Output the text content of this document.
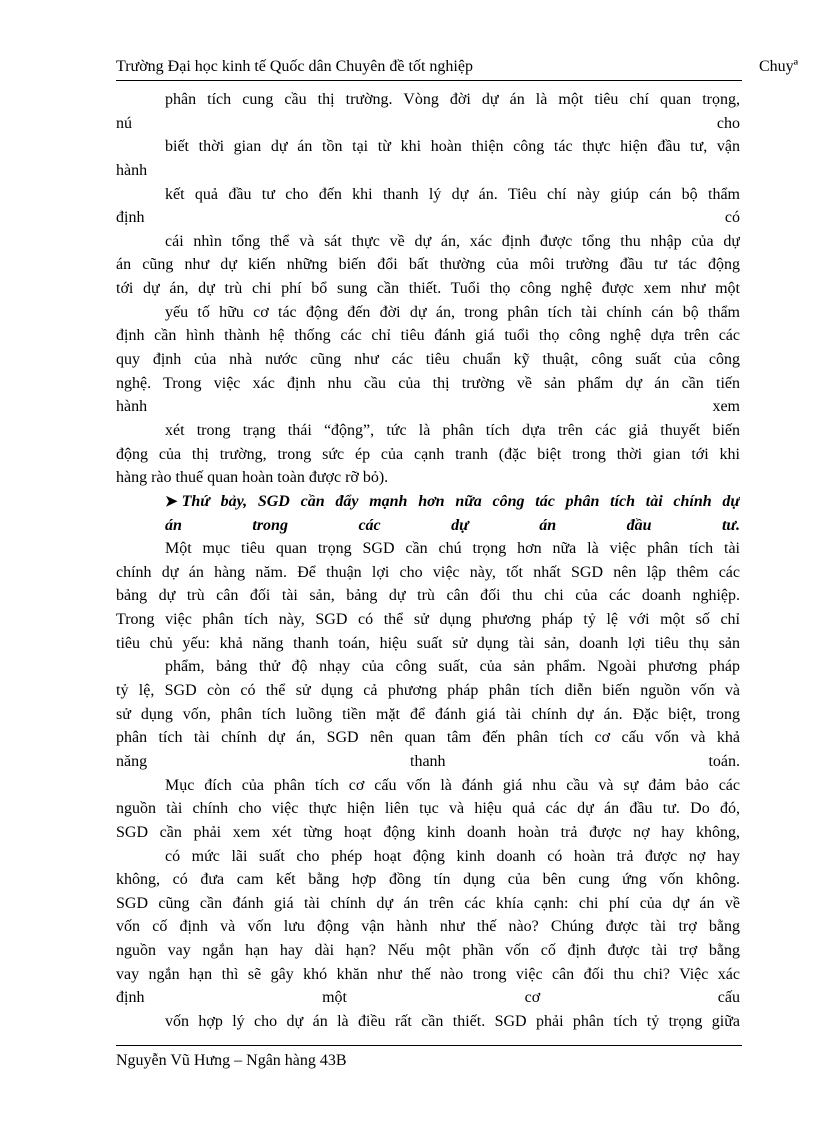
Trường Đại học kinh tế Quốc dân Chuyên đề tốt nghiệp	Chuyª
phân tích cung cầu thị trường. Vòng đời dự án là một tiêu chí quan trọng,
nú cho
biết thời gian dự án tồn tại từ khi hoàn thiện công tác thực hiện đầu tư, vận
hành
kết quả đầu tư cho đến khi thanh lý dự án. Tiêu chí này giúp cán bộ thẩm
định có
cái nhìn tổng thể và sát thực về dự án, xác định được tổng thu nhập của dự
án cũng như dự kiến những biến đổi bất thường của môi trường đầu tư tác động
tới dự án, dự trù chi phí bổ sung cần thiết. Tuổi thọ công nghệ được xem như một
yếu tố hữu cơ tác động đến đời dự án, trong phân tích tài chính cán bộ thẩm
định cần hình thành hệ thống các chỉ tiêu đánh giá tuổi thọ công nghệ dựa trên các
quy định của nhà nước cũng như các tiêu chuẩn kỹ thuật, công suất của công
nghệ. Trong việc xác định nhu cầu của thị trường về sản phẩm dự án cần tiến
hành xem
xét trong trạng thái “động”, tức là phân tích dựa trên các giả thuyết biến
động của thị trường, trong sức ép của cạnh tranh (đặc biệt trong thời gian tới khi
hàng rào thuế quan hoàn toàn được rỡ bỏ).
➤ Thứ bảy, SGD cần đẩy mạnh hơn nữa công tác phân tích tài chính dự
án trong các dự án đầu tư.
Một mục tiêu quan trọng SGD cần chú trọng hơn nữa là việc phân tích tài
chính dự án hàng năm. Để thuận lợi cho việc này, tốt nhất SGD nên lập thêm các
bảng dự trù cân đối tài sản, bảng dự trù cân đối thu chi của các doanh nghiệp.
Trong việc phân tích này, SGD có thể sử dụng phương pháp tỷ lệ với một số chỉ
tiêu chủ yếu: khả năng thanh toán, hiệu suất sử dụng tài sản, doanh lợi tiêu thụ sản
phẩm, bảng thử độ nhạy của công suất, của sản phẩm. Ngoài phương pháp
tỷ lệ, SGD còn có thể sử dụng cả phương pháp phân tích diễn biến nguồn vốn và
sử dụng vốn, phân tích luồng tiền mặt để đánh giá tài chính dự án. Đặc biệt, trong
phân tích tài chính dự án, SGD nên quan tâm đến phân tích cơ cấu vốn và khả
năng thanh toán.
Mục đích của phân tích cơ cấu vốn là đánh giá nhu cầu và sự đảm bảo các
nguồn tài chính cho việc thực hiện liên tục và hiệu quả các dự án đầu tư. Do đó,
SGD cần phải xem xét từng hoạt động kinh doanh hoàn trả được nợ hay không,
có mức lãi suất cho phép hoạt động kinh doanh có hoàn trả được nợ hay
không, có đưa cam kết bằng hợp đồng tín dụng của bên cung ứng vốn không.
SGD cũng cần đánh giá tài chính dự án trên các khía cạnh: chi phí của dự án về
vốn cố định và vốn lưu động vận hành như thế nào? Chúng được tài trợ bằng
nguồn vay ngắn hạn hay dài hạn? Nếu một phần vốn cố định được tài trợ bằng
vay ngắn hạn thì sẽ gây khó khăn như thế nào trong việc cân đối thu chi? Việc xác
định một cơ cấu
vốn hợp lý cho dự án là điều rất cần thiết. SGD phải phân tích tỷ trọng giữa
Nguyễn Vũ Hưng – Ngân hàng 43B
